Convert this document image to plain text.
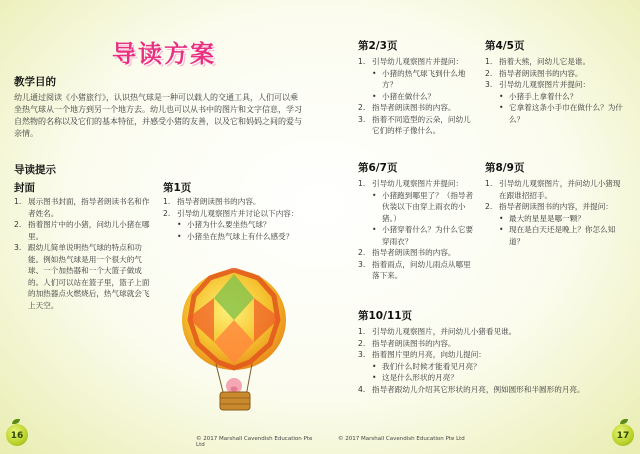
导读方案
教学目的
幼儿通过阅读《小猪旅行》，认识热气球是一种可以载人的交通工具，人们可以乘坐热气球从一个地方到另一个地方去。幼儿也可以从书中的图片和文字信息，学习自然物的名称以及它们的基本特征，并感受小猪的友善，以及它和妈妈之间的爱与亲情。
导读提示
封面
1. 展示图书封面，指导者朗读书名和作者姓名。
2. 指着图片中的小猪，问幼儿小猪在哪里。
3. 跟幼儿简单说明热气球的特点和功能。例如热气球是用一个很大的气球、一个加热器和一个大篮子做成的。人们可以站在篮子里，篮子上面的加热器点火燃烧后，热气球就会飞上天空。
第1页
1. 指导者朗读图书的内容。
2. 引导幼儿观察图片并讨论以下内容：
• 小猪为什么要坐热气球？
• 小猪坐在热气球上有什么感受？
16	© 2017 Marshall Cavendish Education Pte Ltd
第2/3页
1. 引导幼儿观察图片并提问：
• 小猪的热气球飞到什么地方？
• 小猪在做什么？
2. 指导者朗读图书的内容。
3. 指着不同造型的云朵，问幼儿它们的样子像什么。
第4/5页
1. 指着大熊，问幼儿它是谁。
2. 指导者朗读图书的内容。
3. 引导幼儿观察图片并提问：
• 小猪手上拿着什么？
• 它拿着这条小手巾在做什么？为什么？
第6/7页
1. 引导幼儿观察图片并提问：
• 小猪跑到哪里了？（指导者伙装以下由穿上雨衣的小猪。）
• 小猪穿着什么？为什么它要穿雨衣？
2. 指导者朗读图书的内容。
3. 指着雨点，问幼儿雨点从哪里落下来。
第8/9页
1. 引导幼儿观察图片，并问幼儿小猪现在跟谁招招手。
2. 指导者朗读图书的内容，并提问：
• 最大的星星是哪一颗？
• 现在是白天还是晚上？你怎么知道？
第10/11页
1. 引导幼儿观察图片，并问幼儿小猪看见谁。
2. 指导者朗读图书的内容。
3. 指着图片里的月亮，向幼儿提问：
• 我们什么时候才能看见月亮？
• 这是什么形状的月亮？
4. 指导者跟幼儿介绍其它形状的月亮，例如圆形和半圆形的月亮。
© 2017 Marshall Cavendish Education Pte Ltd	17
